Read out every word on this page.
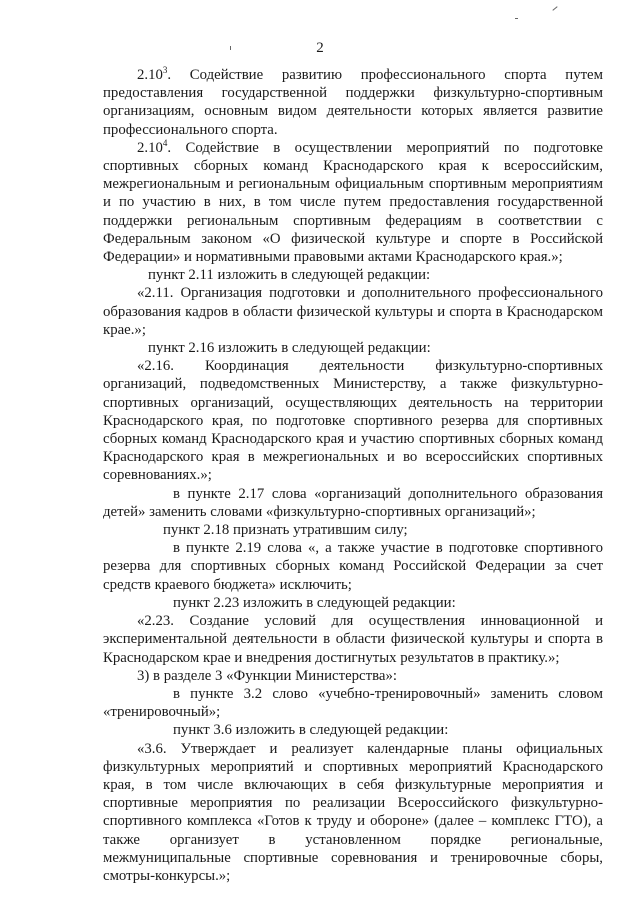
2

2.10$^3$. Содействие развитию профессионального спорта путем предоставления государственной поддержки физкультурно-спортивным организациям, основным видом деятельности которых является развитие профессионального спорта.

2.10$^4$. Содействие в осуществлении мероприятий по подготовке спортивных сборных команд Краснодарского края к всероссийским, межрегиональным и региональным официальным спортивным мероприятиям и по участию в них, в том числе путем предоставления государственной поддержки региональным спортивным федерациям в соответствии с Федеральным законом «О физической культуре и спорте в Российской Федерации» и нормативными правовыми актами Краснодарского края.»;

пункт 2.11 изложить в следующей редакции:

«2.11. Организация подготовки и дополнительного профессионального образования кадров в области физической культуры и спорта в Краснодарском крае.»;

пункт 2.16 изложить в следующей редакции:

«2.16. Координация деятельности физкультурно-спортивных организаций, подведомственных Министерству, а также физкультурно-спортивных организаций, осуществляющих деятельность на территории Краснодарского края, по подготовке спортивного резерва для спортивных сборных команд Краснодарского края и участию спортивных сборных команд Краснодарского края в межрегиональных и во всероссийских спортивных соревнованиях.»;

в пункте 2.17 слова «организаций дополнительного образования детей» заменить словами «физкультурно-спортивных организаций»;

пункт 2.18 признать утратившим силу;

в пункте 2.19 слова «, а также участие в подготовке спортивного резерва для спортивных сборных команд Российской Федерации за счет средств краевого бюджета» исключить;

пункт 2.23 изложить в следующей редакции:

«2.23. Создание условий для осуществления инновационной и экспериментальной деятельности в области физической культуры и спорта в Краснодарском крае и внедрения достигнутых результатов в практику.»;

3) в разделе 3 «Функции Министерства»:

в пункте 3.2 слово «учебно-тренировочный» заменить словом «тренировочный»;

пункт 3.6 изложить в следующей редакции:

«3.6. Утверждает и реализует календарные планы официальных физкультурных мероприятий и спортивных мероприятий Краснодарского края, в том числе включающих в себя физкультурные мероприятия и спортивные мероприятия по реализации Всероссийского физкультурно-спортивного комплекса «Готов к труду и обороне» (далее – комплекс ГТО), а также организует в установленном порядке региональные, межмуниципальные спортивные соревнования и тренировочные сборы, смотры-конкурсы.»;
